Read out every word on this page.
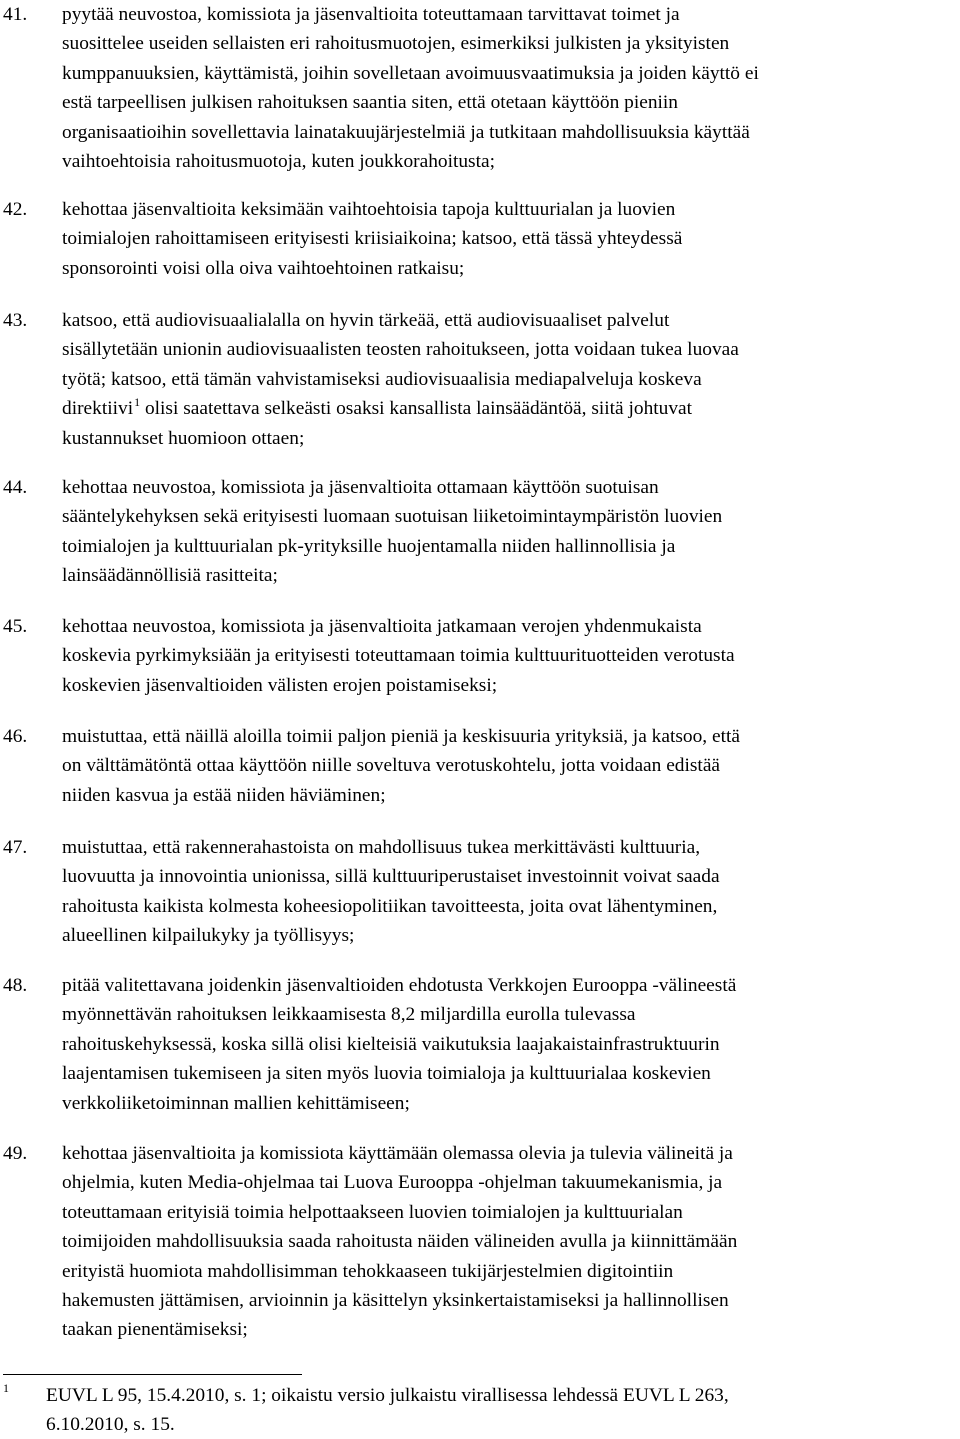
41. pyytää neuvostoa, komissiota ja jäsenvaltioita toteuttamaan tarvittavat toimet ja
suosittelee useiden sellaisten eri rahoitusmuotojen, esimerkiksi julkisten ja yksityisten
kumppanuuksien, käyttämistä, joihin sovelletaan avoimuusvaatimuksia ja joiden käyttö ei
estä tarpeellisen julkisen rahoituksen saantia siten, että otetaan käyttöön pieniin
organisaatioihin sovellettavia lainatakuujärjestelmiä ja tutkitaan mahdollisuuksia käyttää
vaihtoehtoisia rahoitusmuotoja, kuten joukkorahoitusta;
42. kehottaa jäsenvaltioita keksimään vaihtoehtoisia tapoja kulttuurialan ja luovien
toimialojen rahoittamiseen erityisesti kriisiaikoina; katsoo, että tässä yhteydessä
sponsorointi voisi olla oiva vaihtoehtoinen ratkaisu;
43. katsoo, että audiovisuaalialalla on hyvin tärkeää, että audiovisuaaliset palvelut
sisällytetään unionin audiovisuaalisten teosten rahoitukseen, jotta voidaan tukea luovaa
työtä; katsoo, että tämän vahvistamiseksi audiovisuaalisia mediapalveluja koskeva
direktiivi$^1$ olisi saatettava selkeästi osaksi kansallista lainsäädäntöä, siitä johtuvat
kustannukset huomioon ottaen;
44. kehottaa neuvostoa, komissiota ja jäsenvaltioita ottamaan käyttöön suotuisan
sääntelykehyksen sekä erityisesti luomaan suotuisan liiketoimintaympäristön luovien
toimialojen ja kulttuurialan pk-yrityksille huojentamalla niiden hallinnollisia ja
lainsäädännöllisiä rasitteita;
45. kehottaa neuvostoa, komissiota ja jäsenvaltioita jatkamaan verojen yhdenmukaista
koskevia pyrkimyksiään ja erityisesti toteuttamaan toimia kulttuurituotteiden verotusta
koskevien jäsenvaltioiden välisten erojen poistamiseksi;
46. muistuttaa, että näillä aloilla toimii paljon pieniä ja keskisuuria yrityksiä, ja katsoo, että
on välttämätöntä ottaa käyttöön niille soveltuva verotuskohtelu, jotta voidaan edistää
niiden kasvua ja estää niiden häviäminen;
47. muistuttaa, että rakennerahastoista on mahdollisuus tukea merkittävästi kulttuuria,
luovuutta ja innovointia unionissa, sillä kulttuuriperustaiset investoinnit voivat saada
rahoitusta kaikista kolmesta koheesiopolitiikan tavoitteesta, joita ovat lähentyminen,
alueellinen kilpailukyky ja työllisyys;
48. pitää valitettavana joidenkin jäsenvaltioiden ehdotusta Verkkojen Eurooppa -välineestä
myönnettävän rahoituksen leikkaamisesta 8,2 miljardilla eurolla tulevassa
rahoituskehyksessä, koska sillä olisi kielteisiä vaikutuksia laajakaistainfrastruktuurin
laajentamisen tukemiseen ja siten myös luovia toimialoja ja kulttuurialaa koskevien
verkkoliiketoiminnan mallien kehittämiseen;
49. kehottaa jäsenvaltioita ja komissiota käyttämään olemassa olevia ja tulevia välineitä ja
ohjelmia, kuten Media-ohjelmaa tai Luova Eurooppa -ohjelman takuumekanismia, ja
toteuttamaan erityisiä toimia helpottaakseen luovien toimialojen ja kulttuurialan
toimijoiden mahdollisuuksia saada rahoitusta näiden välineiden avulla ja kiinnittämään
erityistä huomiota mahdollisimman tehokkaaseen tukijärjestelmien digitointiin
hakemusten jättämisen, arvioinnin ja käsittelyn yksinkertaistamiseksi ja hallinnollisen
taakan pienentämiseksi;
1 EUVL L 95, 15.4.2010, s. 1; oikaistu versio julkaistu virallisessa lehdessä EUVL L 263,
6.10.2010, s. 15.
